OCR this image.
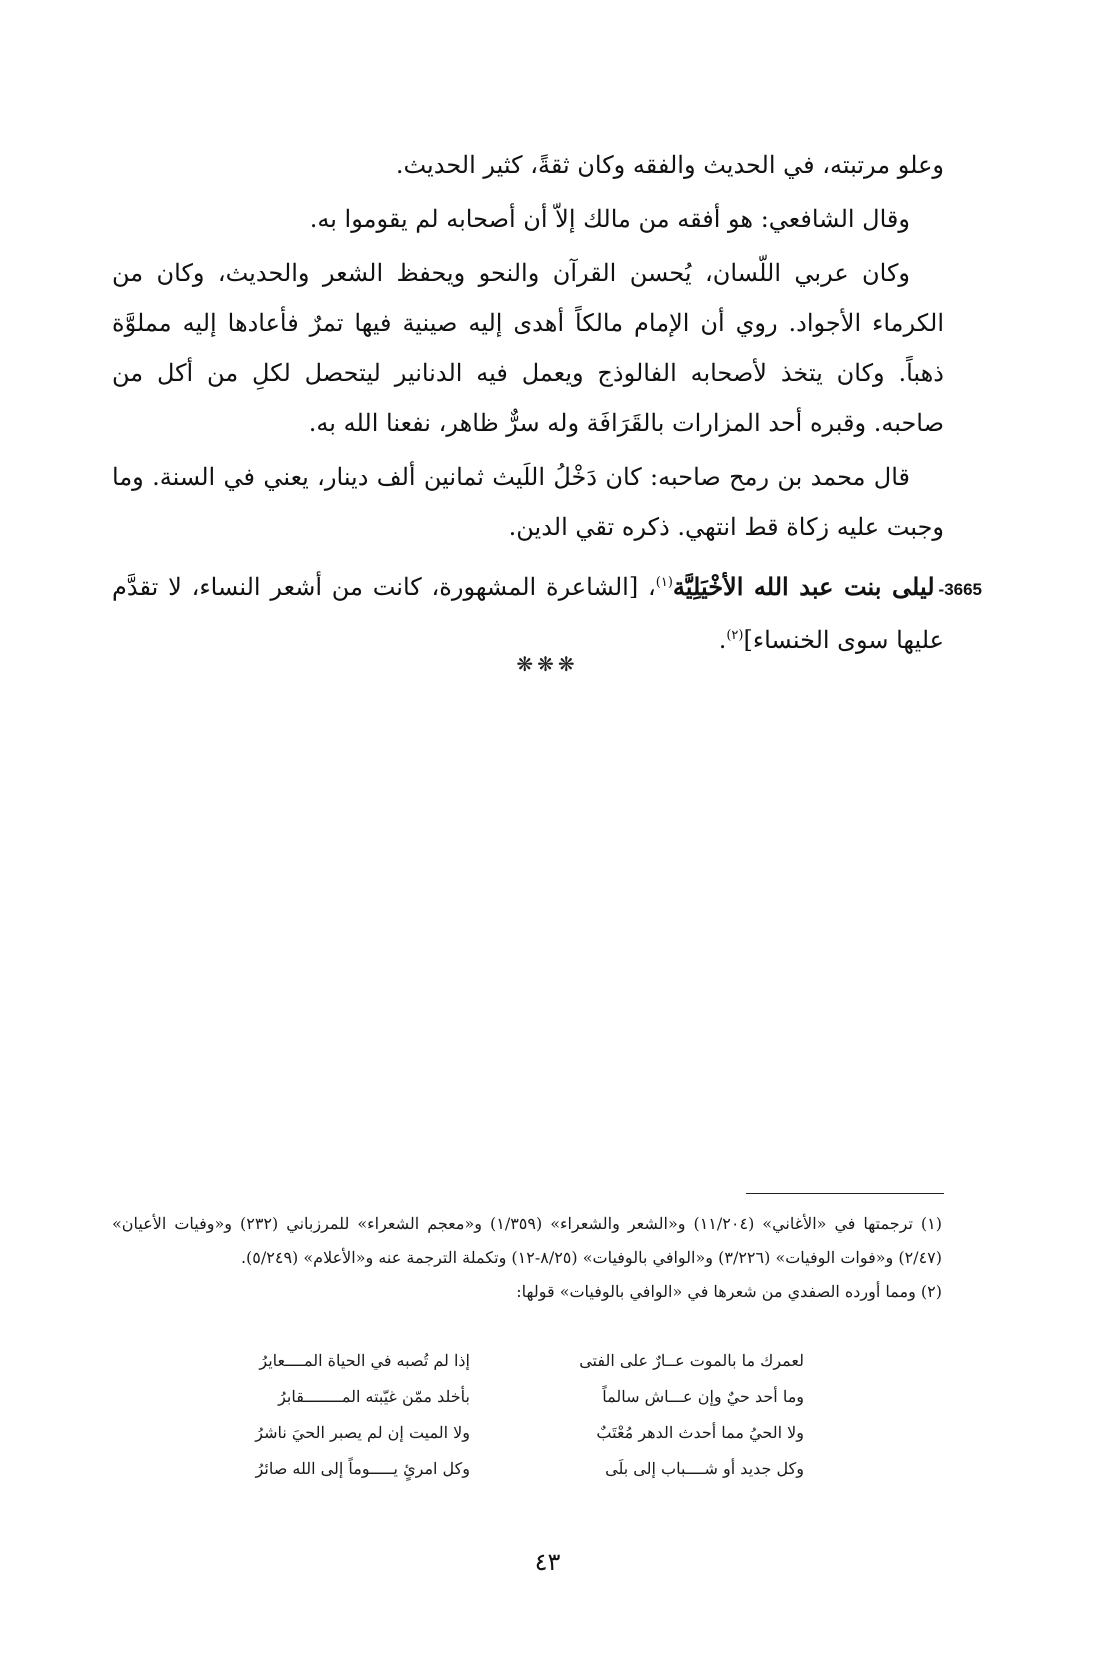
وعلو مرتبته، في الحديث والفقه وكان ثقةً، كثير الحديث.

وقال الشافعي: هو أفقه من مالك إلاّ أن أصحابه لم يقوموا به.

وكان عربي اللّسان، يُحسن القرآن والنحو ويحفظ الشعر والحديث، وكان من الكرماء الأجواد. روي أن الإمام مالكاً أهدى إليه صينية فيها تمرٌ فأعادها إليه مملوَّة ذهباً. وكان يتخذ لأصحابه الفالوذج ويعمل فيه الدنانير ليتحصل لكلِ من أكل من صاحبه. وقبره أحد المزارات بالقَرَافَة وله سرٌّ ظاهر، نفعنا الله به.

قال محمد بن رمح صاحبه: كان دَخْلُ اللَيث ثمانين ألف دينار، يعني في السنة. وما وجبت عليه زكاة قط انتهي. ذكره تقي الدين.

3665-ليلى بنت عبد الله الأخْيَلِيَّة$^{(١)}$، [الشاعرة المشهورة، كانت من أشعر النساء، لا تقدَّم عليها سوى الخنساء]$^{(٢)}$.

❋❋❋

(١) ترجمتها في «الأغاني» (١١/٢٠٤) و«الشعر والشعراء» (١/٣٥٩) و«معجم الشعراء» للمرزباني (٢٣٢) و«وفيات الأعيان» (٢/٤٧) و«فوات الوفيات» (٣/٢٢٦) و«الوافي بالوفيات» (٨/٢٥-١٢) وتكملة الترجمة عنه و«الأعلام» (٥/٢٤٩).

(٢) ومما أورده الصفدي من شعرها في «الوافي بالوفيات» قولها:

لعمرك ما بالموت عــارٌ على الفتى
إذا لم تُصبه في الحياة المــــعايرُ
وما أحد حيٌ وإن عـــاش سالماً
بأخلد ممّن غيّبته المــــــــقابرُ
ولا الحيُ مما أحدث الدهر مُعْتَبٌ
ولا الميت إن لم يصبر الحيَ ناشرُ
وكل جديد أو شــــباب إلى بلَى
وكل امرئٍ يـــــوماً إلى الله صائرُ
٤٣
